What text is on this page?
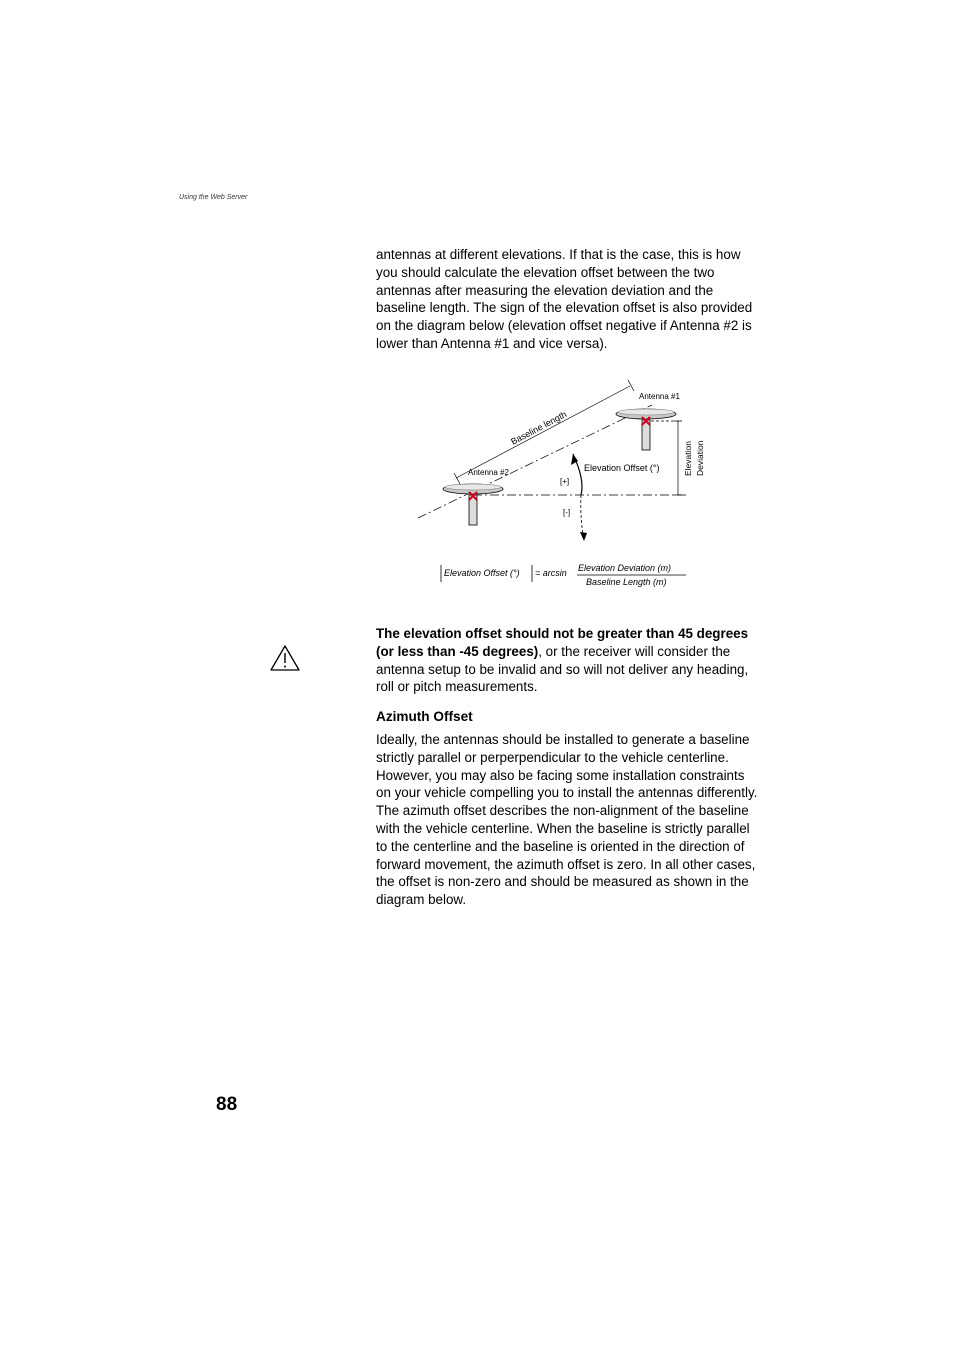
Using the Web Server
antennas at different elevations. If that is the case, this is how you should calculate the elevation offset between the two antennas after measuring the elevation deviation and the baseline length. The sign of the elevation offset is also provided on the diagram below (elevation offset negative if Antenna #2 is lower than Antenna #1 and vice versa).
Antenna #1
Antenna #2
Baseline length
Elevation Offset (°)	Elevation Deviation
[+]
[-]
Elevation Offset (°) = arcsin Elevation Deviation (m)
Baseline Length (m)
The elevation offset should not be greater than 45 degrees (or less than -45 degrees), or the receiver will consider the antenna setup to be invalid and so will not deliver any heading, roll or pitch measurements.
Azimuth Offset
Ideally, the antennas should be installed to generate a baseline strictly parallel or perperpendicular to the vehicle centerline. However, you may also be facing some installation constraints on your vehicle compelling you to install the antennas differently. The azimuth offset describes the non-alignment of the baseline with the vehicle centerline. When the baseline is strictly parallel to the centerline and the baseline is oriented in the direction of forward movement, the azimuth offset is zero. In all other cases, the offset is non-zero and should be measured as shown in the diagram below.
88
